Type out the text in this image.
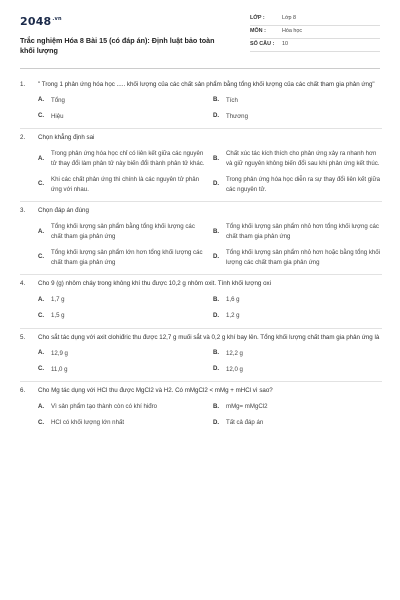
$2048^{.vn}$
Trắc nghiệm Hóa 8 Bài 15 (có đáp án): Định luật bảo toàn khối lượng
LỚP :	Lớp 8
MÔN :	Hóa học
SỐ CÂU :	10
1.	" Trong 1 phản ứng hóa học ..... khối lượng của các chất sản phẩm bằng tổng khối lượng của các chất tham gia phản ứng"
A.	Tổng	B.	Tích
C.	Hiệu	D.	Thương
2.	Chọn khẳng định sai
A.
Trong phản ứng hóa học chỉ có liên kết giữa các nguyên tử thay đổi làm phân tử này biến đổi thành phân tử khác.
B.
Chất xúc tác kích thích cho phản ứng xảy ra nhanh hơn và giữ nguyên không biến đổi sau khi phản ứng kết thúc.
C.
Khi các chất phản ứng thì chính là các nguyên tử phản ứng với nhau.
D.
Trong phản ứng hóa học diễn ra sự thay đổi liên kết giữa các nguyên tử.
3.	Chọn đáp án đúng
A.
Tổng khối lượng sản phẩm bằng tổng khối lượng các chất tham gia phản ứng
B.
Tổng khối lượng sản phẩm nhỏ hơn tổng khối lượng các chất tham gia phản ứng
C.
Tổng khối lượng sản phẩm lớn hơn tổng khối lượng các chất tham gia phản ứng
D.
Tổng khối lượng sản phẩm nhỏ hơn hoặc bằng tổng khối lượng các chất tham gia phản ứng
4.	Cho 9 (g) nhôm cháy trong không khí thu được 10,2 g nhôm oxit. Tính khối lượng oxi
A.	1,7 g	B.	1,6 g
C.	1,5 g	D.	1,2 g
5.	Cho sắt tác dụng với axit clohiđric thu được 12,7 g muối sắt và 0,2 g khí bay lên. Tổng khối lượng chất tham gia phản ứng là
A.	12,9 g	B.	12,2 g
C.	11,0 g	D.	12,0 g
6.	Cho Mg tác dụng với HCl thu được MgCl2 và H2. Có mMgCl2 < mMg + mHCl vì sao?
A.	Vì sản phẩm tạo thành còn có khí hiđro	B.	mMg= mMgCl2
C.	HCl có khối lượng lớn nhất	D.	Tất cả đáp án
